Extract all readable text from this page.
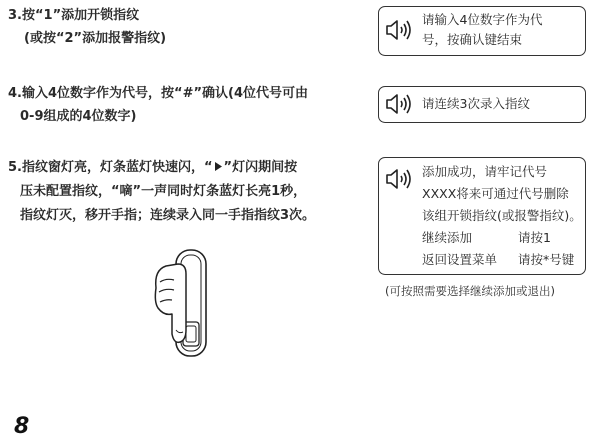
3.按“1”添加开锁指纹
(或按“2”添加报警指纹)
请输入4位数字作为代
号，按确认键结束
4.输入4位数字作为代号，按“#”确认(4位代号可由
0-9组成的4位数字)
请连续3次录入指纹
5.指纹窗灯亮，灯条蓝灯快速闪，“ ”灯闪期间按
压未配置指纹，“嘀”一声同时灯条蓝灯长亮1秒，
指纹灯灭，移开手指；连续录入同一手指指纹3次。
添加成功，请牢记代号
XXXX将来可通过代号删除
该组开锁指纹(或报警指纹)。
继续添加	请按1
返回设置菜单	请按*号键
(可按照需要选择继续添加或退出)
8
